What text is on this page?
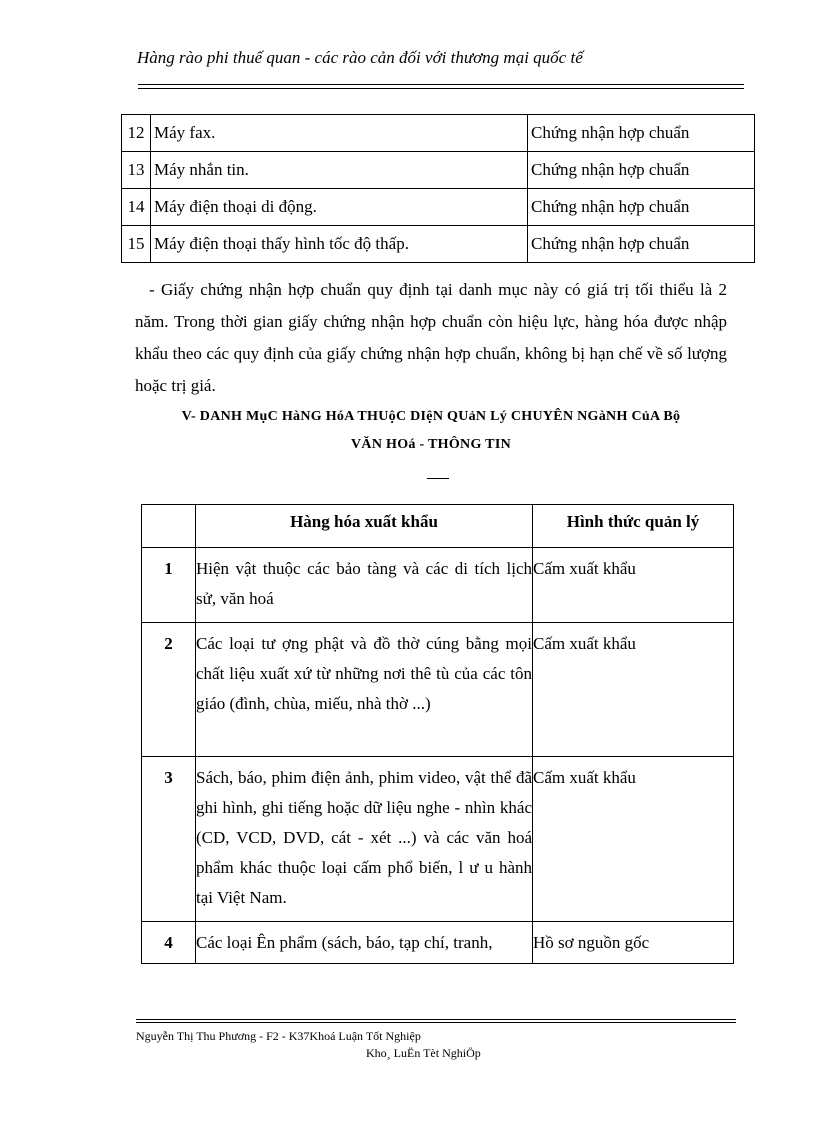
Hàng rào phi thuế quan - các rào cản đối với thương mại quốc tế
12	Máy fax.	Chứng nhận hợp chuẩn
13	Máy nhắn tin.	Chứng nhận hợp chuẩn
14	Máy điện thoại di động.	Chứng nhận hợp chuẩn
15	Máy điện thoại thấy hình tốc độ thấp.	Chứng nhận hợp chuẩn
- Giấy chứng nhận hợp chuẩn quy định tại danh mục này có giá trị tối thiểu là 2 năm. Trong thời gian giấy chứng nhận hợp chuẩn còn hiệu lực, hàng hóa được nhập khẩu theo các quy định của giấy chứng nhận hợp chuẩn, không bị hạn chế về số lượng hoặc trị giá.
V- DANH MụC HàNG HóA THUộC DIệN QUảN Lý CHUYÊN NGàNH CủA Bộ
VĂN HOá - THÔNG TIN
	Hàng hóa xuất khẩu	Hình thức quản lý
1	Hiện vật thuộc các bảo tàng và các di tích lịch sử, văn hoá	Cấm xuất khẩu
2	Các loại tư ợng phật và đồ thờ cúng bằng mọi chất liệu xuất xứ từ những nơi thê tù của các tôn giáo (đình, chùa, miếu, nhà thờ ...)	Cấm xuất khẩu
3	Sách, báo, phim điện ảnh, phim video, vật thể đã ghi hình, ghi tiếng hoặc dữ liệu nghe - nhìn khác (CD, VCD, DVD, cát - xét ...) và các văn hoá phẩm khác thuộc loại cấm phổ biến, l ư u hành tại Việt Nam.	Cấm xuất khẩu
4	Các loại Ên phẩm (sách, báo, tạp chí, tranh,	Hồ sơ nguồn gốc
Nguyễn Thị Thu Phương - F2 - K37Khoá Luận Tốt Nghiệp
Kho¸ LuËn Tèt NghiÖp
